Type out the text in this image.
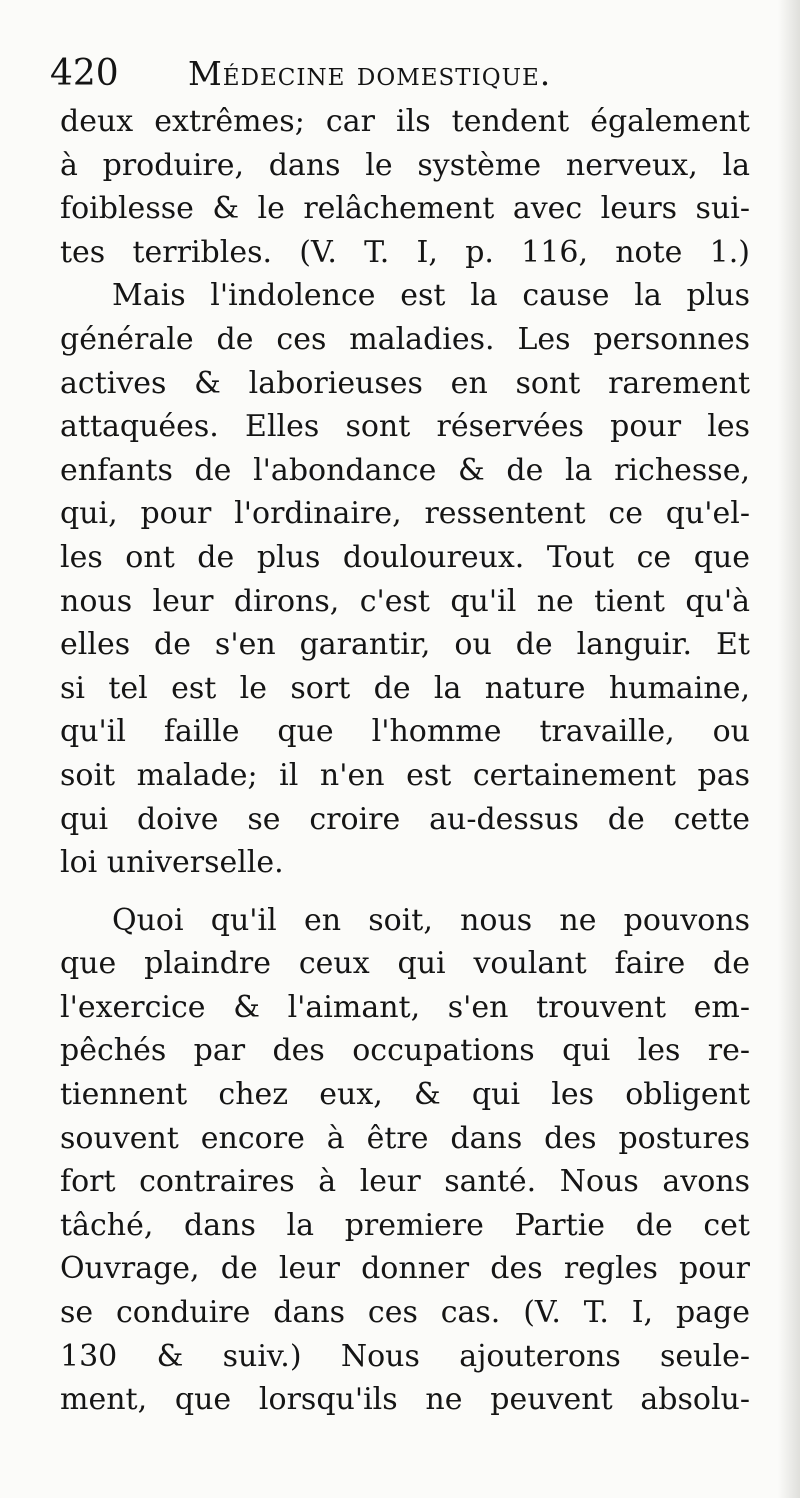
420 Médecine domestique.
deux extrêmes; car ils tendent également
à produire, dans le système nerveux, la
foiblesse & le relâchement avec leurs sui-
tes terribles. (V. T. I, p. 116, note 1.)
Mais l'indolence est la cause la plus
générale de ces maladies. Les personnes
actives & laborieuses en sont rarement
attaquées. Elles sont réservées pour les
enfants de l'abondance & de la richesse,
qui, pour l'ordinaire, ressentent ce qu'el-
les ont de plus douloureux. Tout ce que
nous leur dirons, c'est qu'il ne tient qu'à
elles de s'en garantir, ou de languir. Et
si tel est le sort de la nature humaine,
qu'il faille que l'homme travaille, ou
soit malade; il n'en est certainement pas
qui doive se croire au-dessus de cette
loi universelle.
Quoi qu'il en soit, nous ne pouvons
que plaindre ceux qui voulant faire de
l'exercice & l'aimant, s'en trouvent em-
pêchés par des occupations qui les re-
tiennent chez eux, & qui les obligent
souvent encore à être dans des postures
fort contraires à leur santé. Nous avons
tâché, dans la premiere Partie de cet
Ouvrage, de leur donner des regles pour
se conduire dans ces cas. (V. T. I, page
130 & suiv.) Nous ajouterons seule-
ment, que lorsqu'ils ne peuvent absolu-
